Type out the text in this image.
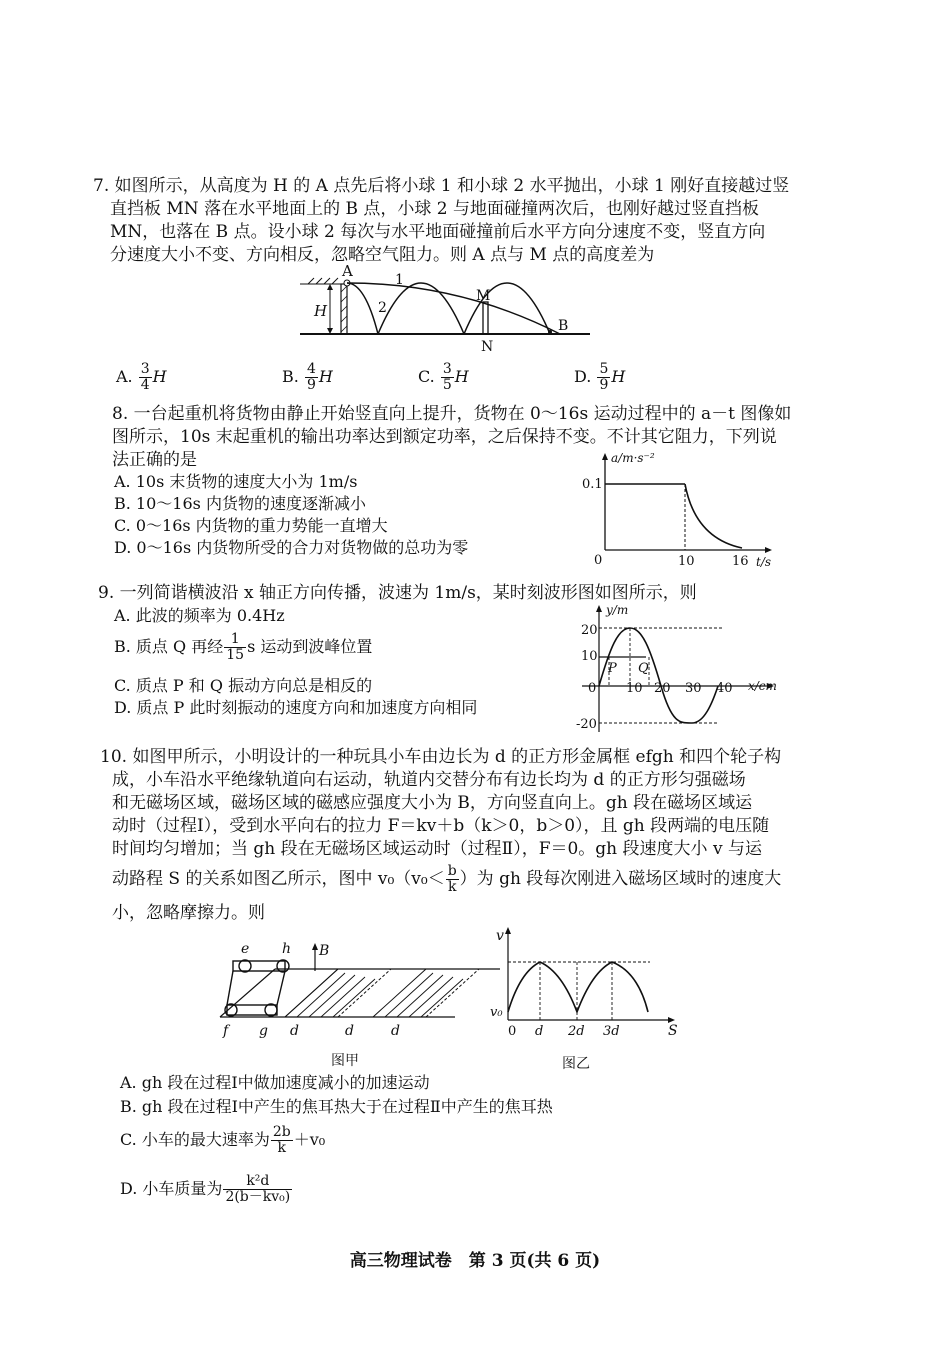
7. 如图所示，从高度为 H 的 A 点先后将小球 1 和小球 2 水平抛出，小球 1 刚好直接越过竖
直挡板 MN 落在水平地面上的 B 点，小球 2 与地面碰撞两次后，也刚好越过竖直挡板
MN，也落在 B 点。设小球 2 每次与水平地面碰撞前后水平方向分速度不变，竖直方向
分速度大小不变、方向相反，忽略空气阻力。则 A 点与 M 点的高度差为
H
A	1
2
M
N
B
A. $\frac{3}{4}$ H	B. $\frac{4}{9}$ H	C. $\frac{3}{5}$ H	D. $\frac{5}{9}$ H
8. 一台起重机将货物由静止开始竖直向上提升，货物在 0～16s 运动过程中的 a－t 图像如
图所示，10s 末起重机的输出功率达到额定功率，之后保持不变。不计其它阻力，下列说
法正确的是
A. 10s 末货物的速度大小为 1m/s
B. 10～16s 内货物的速度逐渐减小
C. 0～16s 内货物的重力势能一直增大
D. 0～16s 内货物所受的合力对货物做的总功为零
a/m·s⁻²
t/s
0.1
0	10	16
9. 一列简谐横波沿 x 轴正方向传播，波速为 1m/s，某时刻波形图如图所示，则
A. 此波的频率为 0.4Hz
B. 质点 Q 再经 $\frac{1}{15}$ s 运动到波峰位置
C. 质点 P 和 Q 振动方向总是相反的
D. 质点 P 此时刻振动的速度方向和加速度方向相同
y/m
x/cm
20
10
-20
0 10 20 30 40
P Q
10. 如图甲所示，小明设计的一种玩具小车由边长为 d 的正方形金属框 efgh 和四个轮子构
成，小车沿水平绝缘轨道向右运动，轨道内交替分布有边长均为 d 的正方形匀强磁场
和无磁场区域，磁场区域的磁感应强度大小为 B，方向竖直向上。gh 段在磁场区域运
动时（过程Ⅰ），受到水平向右的拉力 F＝kv＋b（k＞0，b＞0），且 gh 段两端的电压随
时间均匀增加；当 gh 段在无磁场区域运动时（过程Ⅱ），F＝0。gh 段速度大小 v 与运
动路程 S 的关系如图乙所示，图中 $v_0(v_0< \frac{b}{k}$ ）为 gh 段每次刚进入磁场区域时的速度大
小，忽略摩擦力。则
B
e h
f g d	d	d
图甲
v
v₀
0 d 2d 3d	S
图乙
A. gh 段在过程Ⅰ中做加速度减小的加速运动
B. gh 段在过程Ⅰ中产生的焦耳热大于在过程Ⅱ中产生的焦耳热
C. 小车的最大速率为 $\frac{2b}{k} +v_0$
D. 小车质量为 $\frac{\text{k²d}}{\text{2(b－kv₀)}}$
高三物理试卷　第 3 页(共 6 页)
